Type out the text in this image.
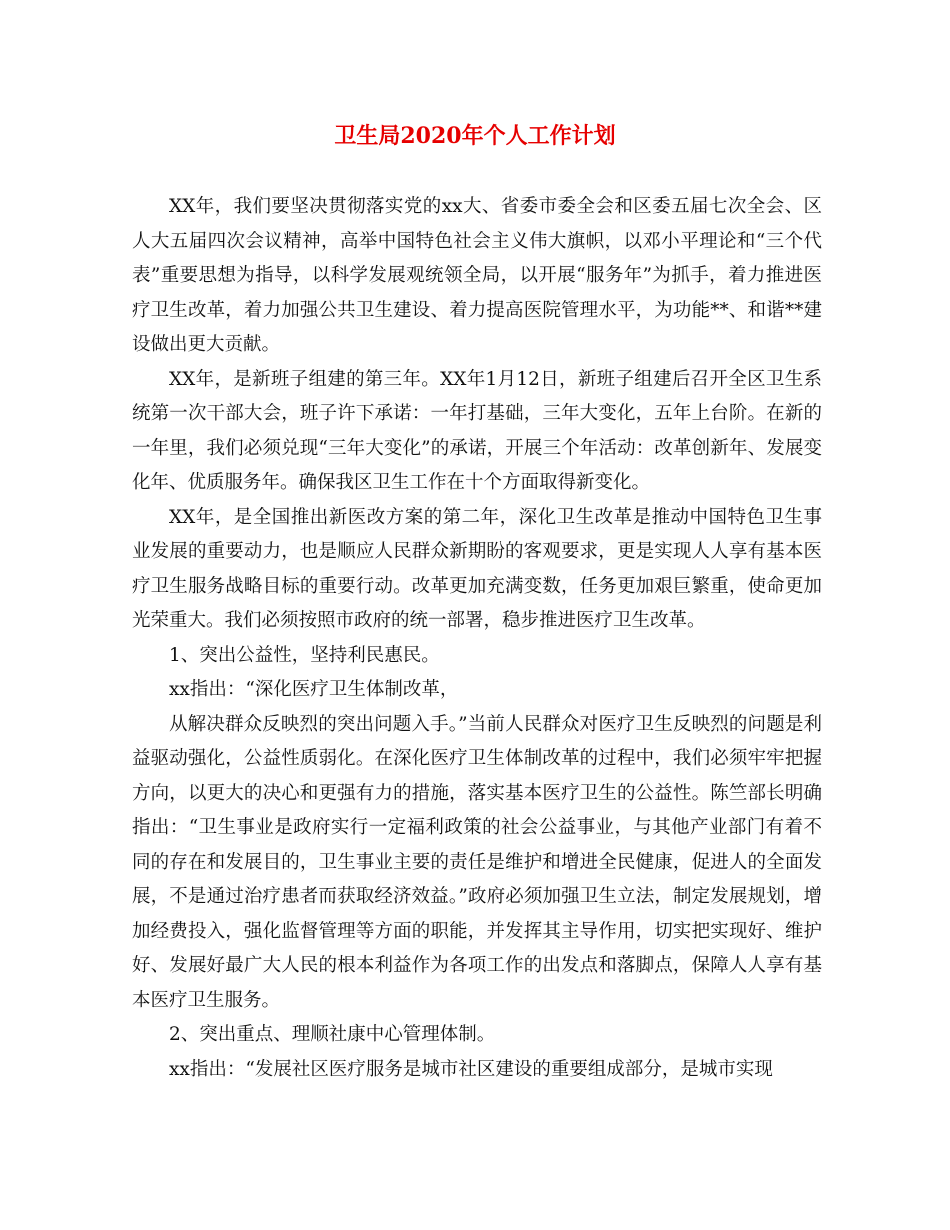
卫生局2020年个人工作计划

XX年，我们要坚决贯彻落实党的xx大、省委市委全会和区委五届七次全会、区人大五届四次会议精神，高举中国特色社会主义伟大旗帜，以邓小平理论和“三个代表”重要思想为指导，以科学发展观统领全局，以开展“服务年”为抓手，着力推进医疗卫生改革，着力加强公共卫生建设、着力提高医院管理水平，为功能**、和谐**建设做出更大贡献。

XX年，是新班子组建的第三年。XX年1月12日，新班子组建后召开全区卫生系统第一次干部大会，班子许下承诺：一年打基础，三年大变化，五年上台阶。在新的一年里，我们必须兑现“三年大变化”的承诺，开展三个年活动：改革创新年、发展变化年、优质服务年。确保我区卫生工作在十个方面取得新变化。

XX年，是全国推出新医改方案的第二年，深化卫生改革是推动中国特色卫生事业发展的重要动力，也是顺应人民群众新期盼的客观要求，更是实现人人享有基本医疗卫生服务战略目标的重要行动。改革更加充满变数，任务更加艰巨繁重，使命更加光荣重大。我们必须按照市政府的统一部署，稳步推进医疗卫生改革。

1、突出公益性，坚持利民惠民。

xx指出：“深化医疗卫生体制改革，

从解决群众反映烈的突出问题入手。”当前人民群众对医疗卫生反映烈的问题是利益驱动强化，公益性质弱化。在深化医疗卫生体制改革的过程中，我们必须牢牢把握方向，以更大的决心和更强有力的措施，落实基本医疗卫生的公益性。陈竺部长明确指出：“卫生事业是政府实行一定福利政策的社会公益事业，与其他产业部门有着不同的存在和发展目的，卫生事业主要的责任是维护和增进全民健康，促进人的全面发展，不是通过治疗患者而获取经济效益。”政府必须加强卫生立法，制定发展规划，增加经费投入，强化监督管理等方面的职能，并发挥其主导作用，切实把实现好、维护好、发展好最广大人民的根本利益作为各项工作的出发点和落脚点，保障人人享有基本医疗卫生服务。

2、突出重点、理顺社康中心管理体制。

xx指出：“发展社区医疗服务是城市社区建设的重要组成部分，是城市实现
